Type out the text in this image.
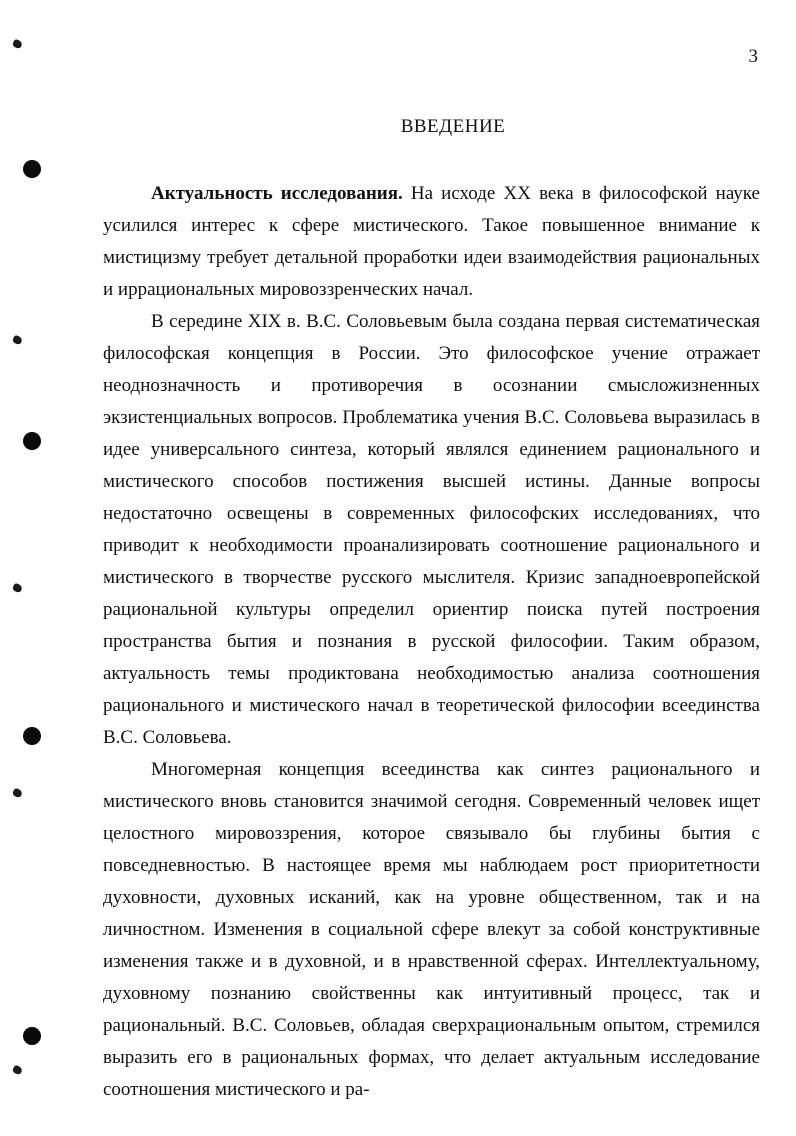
3
ВВЕДЕНИЕ

Актуальность исследования. На исходе XX века в философской науке усилился интерес к сфере мистического. Такое повышенное внимание к мистицизму требует детальной проработки идеи взаимодействия рациональных и иррациональных мировоззренческих начал.

В середине XIX в. B.C. Соловьевым была создана первая систематическая философская концепция в России. Это философское учение отражает неоднозначность и противоречия в осознании смысложизненных экзистенциальных вопросов. Проблематика учения B.C. Соловьева выразилась в идее универсального синтеза, который являлся единением рационального и мистического способов постижения высшей истины. Данные вопросы недостаточно освещены в современных философских исследованиях, что приводит к необходимости проанализировать соотношение рационального и мистического в творчестве русского мыслителя. Кризис западноевропейской рациональной культуры определил ориентир поиска путей построения пространства бытия и познания в русской философии. Таким образом, актуальность темы продиктована необходимостью анализа соотношения рационального и мистического начал в теоретической философии всеединства B.C. Соловьева.

Многомерная концепция всеединства как синтез рационального и мистического вновь становится значимой сегодня. Современный человек ищет целостного мировоззрения, которое связывало бы глубины бытия с повседневностью. В настоящее время мы наблюдаем рост приоритетности духовности, духовных исканий, как на уровне общественном, так и на личностном. Изменения в социальной сфере влекут за собой конструктивные изменения также и в духовной, и в нравственной сферах. Интеллектуальному, духовному познанию свойственны как интуитивный процесс, так и рациональный. B.C. Соловьев, обладая сверхрациональным опытом, стремился выразить его в рациональных формах, что делает актуальным исследование соотношения мистического и ра-
